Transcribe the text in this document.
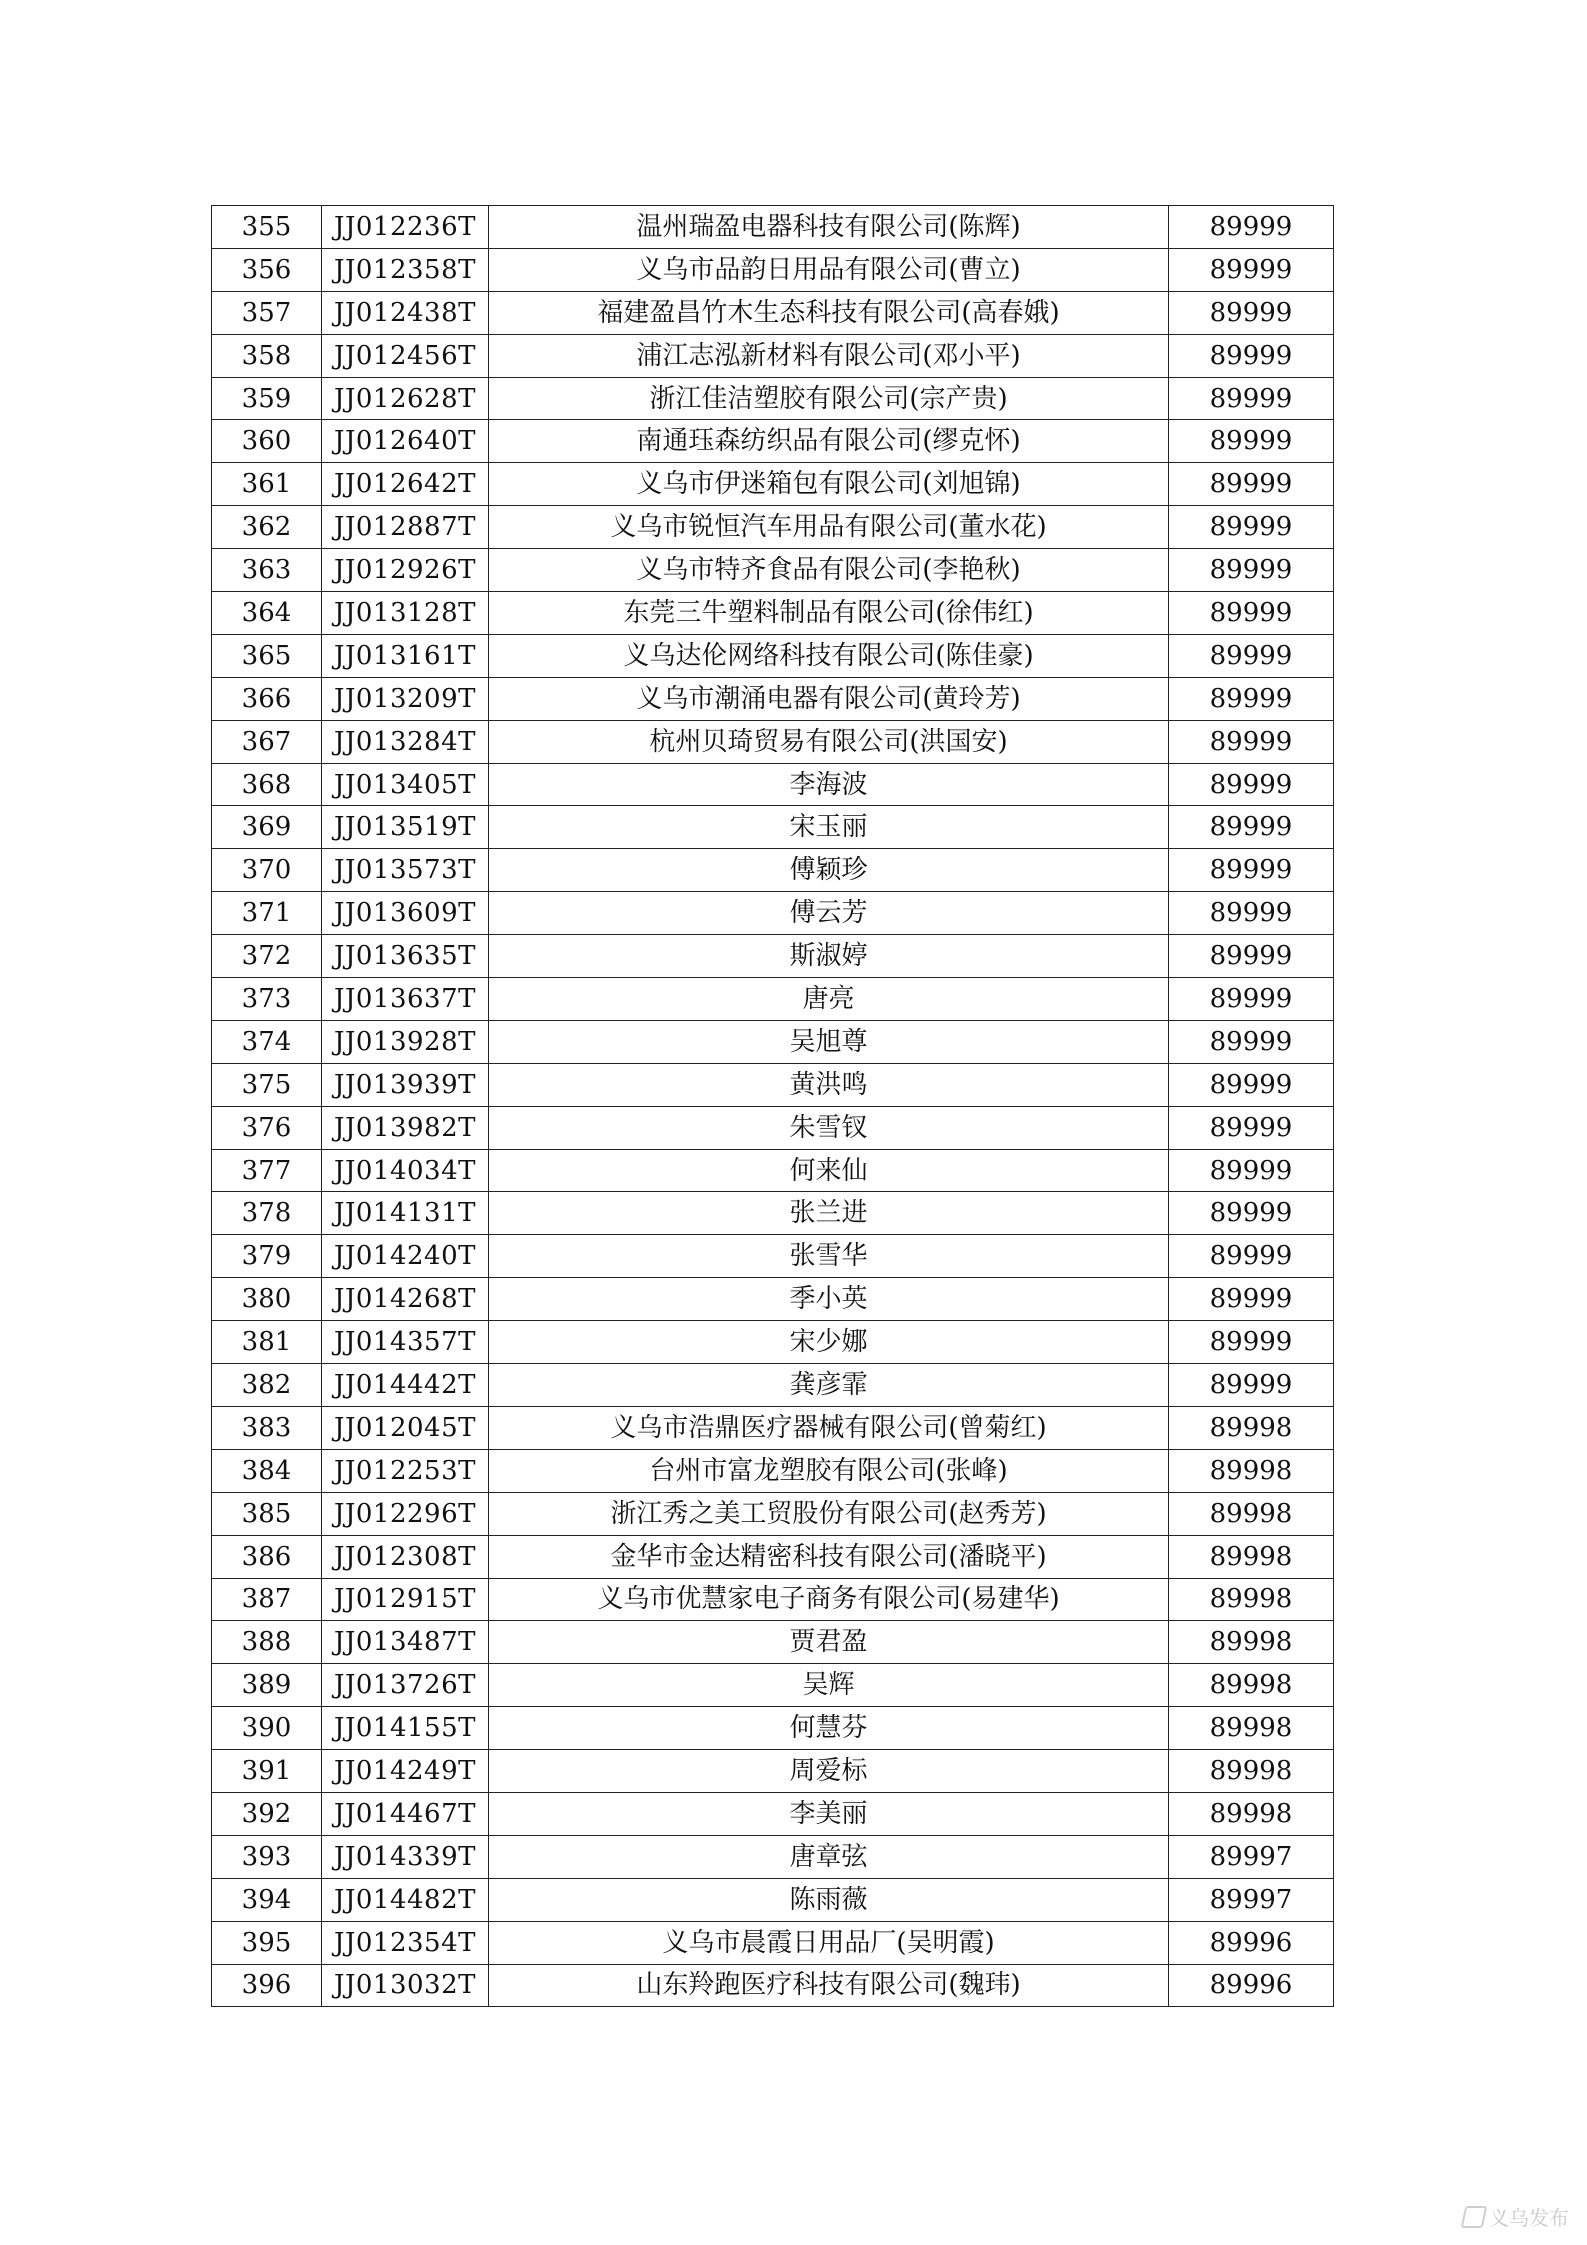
355	JJ012236T	温州瑞盈电器科技有限公司(陈辉)	89999
356	JJ012358T	义乌市品韵日用品有限公司(曹立)	89999
357	JJ012438T	福建盈昌竹木生态科技有限公司(高春娥)	89999
358	JJ012456T	浦江志泓新材料有限公司(邓小平)	89999
359	JJ012628T	浙江佳洁塑胶有限公司(宗产贵)	89999
360	JJ012640T	南通珏森纺织品有限公司(缪克怀)	89999
361	JJ012642T	义乌市伊迷箱包有限公司(刘旭锦)	89999
362	JJ012887T	义乌市锐恒汽车用品有限公司(董水花)	89999
363	JJ012926T	义乌市特齐食品有限公司(李艳秋)	89999
364	JJ013128T	东莞三牛塑料制品有限公司(徐伟红)	89999
365	JJ013161T	义乌达伦网络科技有限公司(陈佳豪)	89999
366	JJ013209T	义乌市潮涌电器有限公司(黄玲芳)	89999
367	JJ013284T	杭州贝琦贸易有限公司(洪国安)	89999
368	JJ013405T	李海波	89999
369	JJ013519T	宋玉丽	89999
370	JJ013573T	傅颖珍	89999
371	JJ013609T	傅云芳	89999
372	JJ013635T	斯淑婷	89999
373	JJ013637T	唐亮	89999
374	JJ013928T	吴旭尊	89999
375	JJ013939T	黄洪鸣	89999
376	JJ013982T	朱雪钗	89999
377	JJ014034T	何来仙	89999
378	JJ014131T	张兰进	89999
379	JJ014240T	张雪华	89999
380	JJ014268T	季小英	89999
381	JJ014357T	宋少娜	89999
382	JJ014442T	龚彦霏	89999
383	JJ012045T	义乌市浩鼎医疗器械有限公司(曾菊红)	89998
384	JJ012253T	台州市富龙塑胶有限公司(张峰)	89998
385	JJ012296T	浙江秀之美工贸股份有限公司(赵秀芳)	89998
386	JJ012308T	金华市金达精密科技有限公司(潘晓平)	89998
387	JJ012915T	义乌市优慧家电子商务有限公司(易建华)	89998
388	JJ013487T	贾君盈	89998
389	JJ013726T	吴辉	89998
390	JJ014155T	何慧芬	89998
391	JJ014249T	周爱标	89998
392	JJ014467T	李美丽	89998
393	JJ014339T	唐章弦	89997
394	JJ014482T	陈雨薇	89997
395	JJ012354T	义乌市晨霞日用品厂(吴明霞)	89996
396	JJ013032T	山东羚跑医疗科技有限公司(魏玮)	89996
义乌发布
